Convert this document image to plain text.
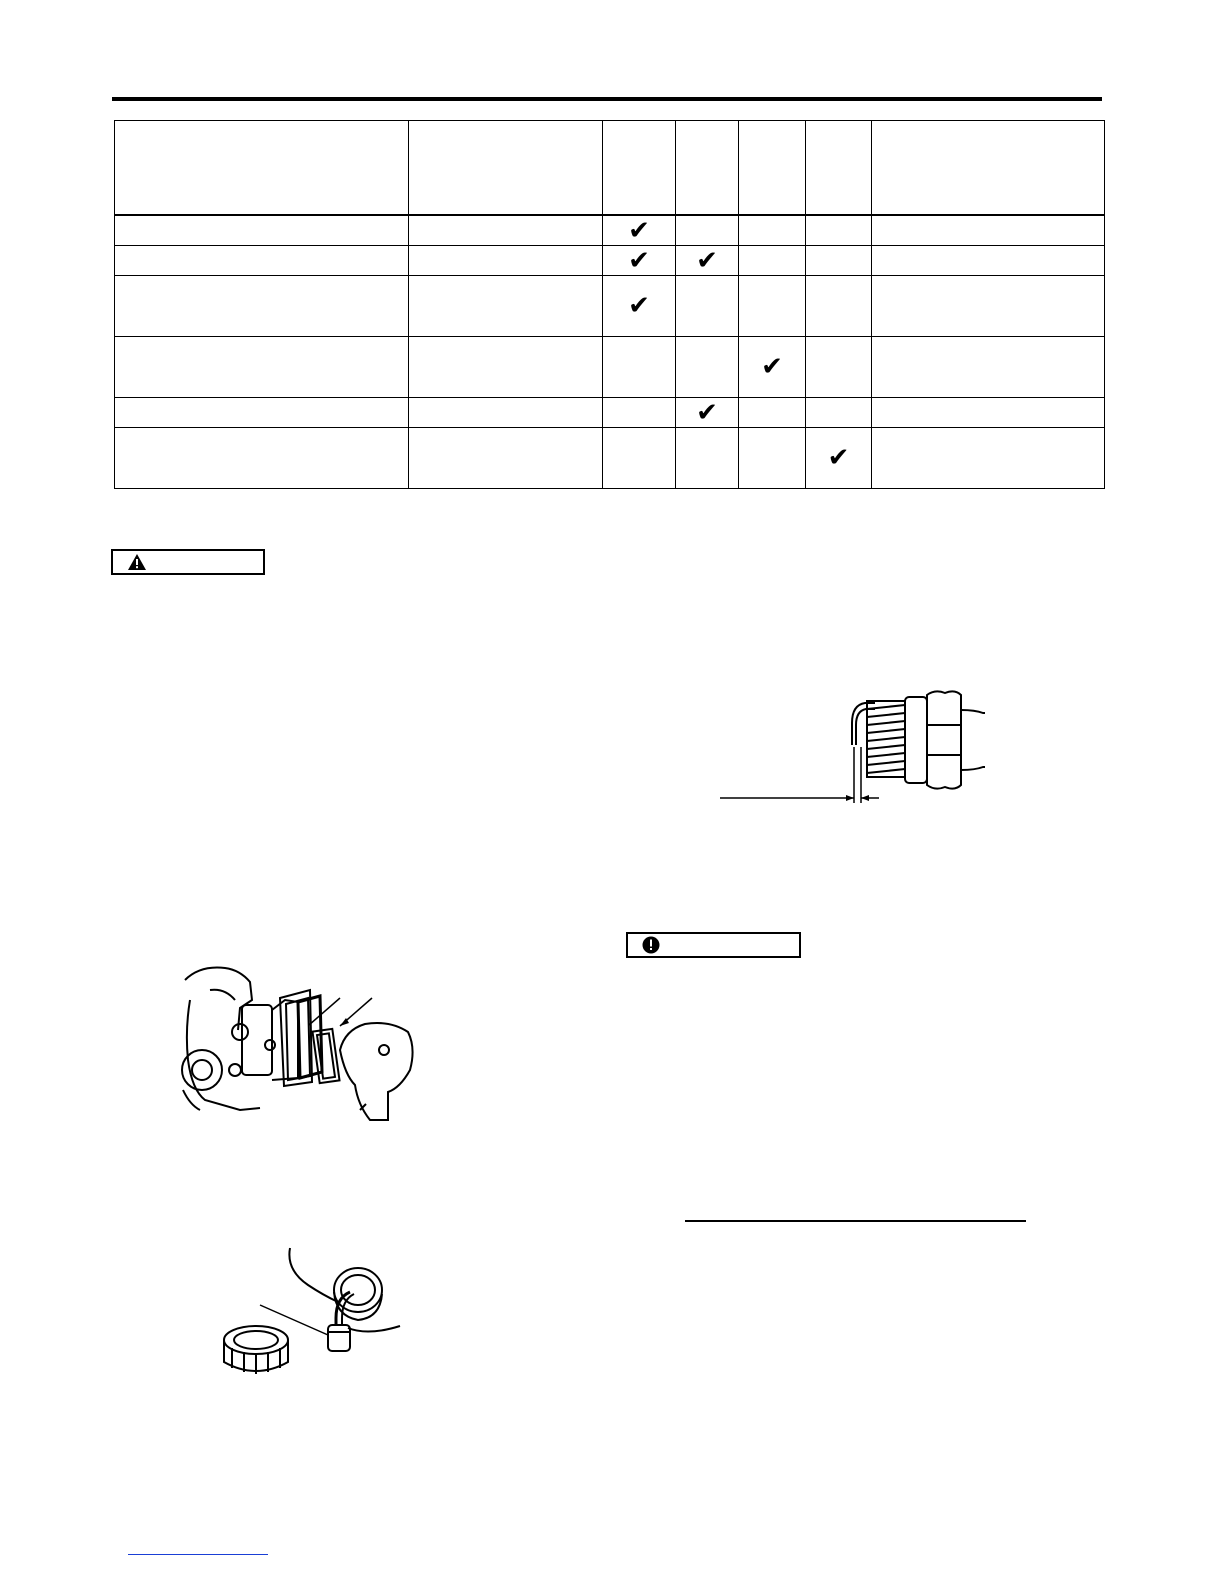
		✔				
		✔	✔			
		✔				
				✔		
			✔			
					✔	
